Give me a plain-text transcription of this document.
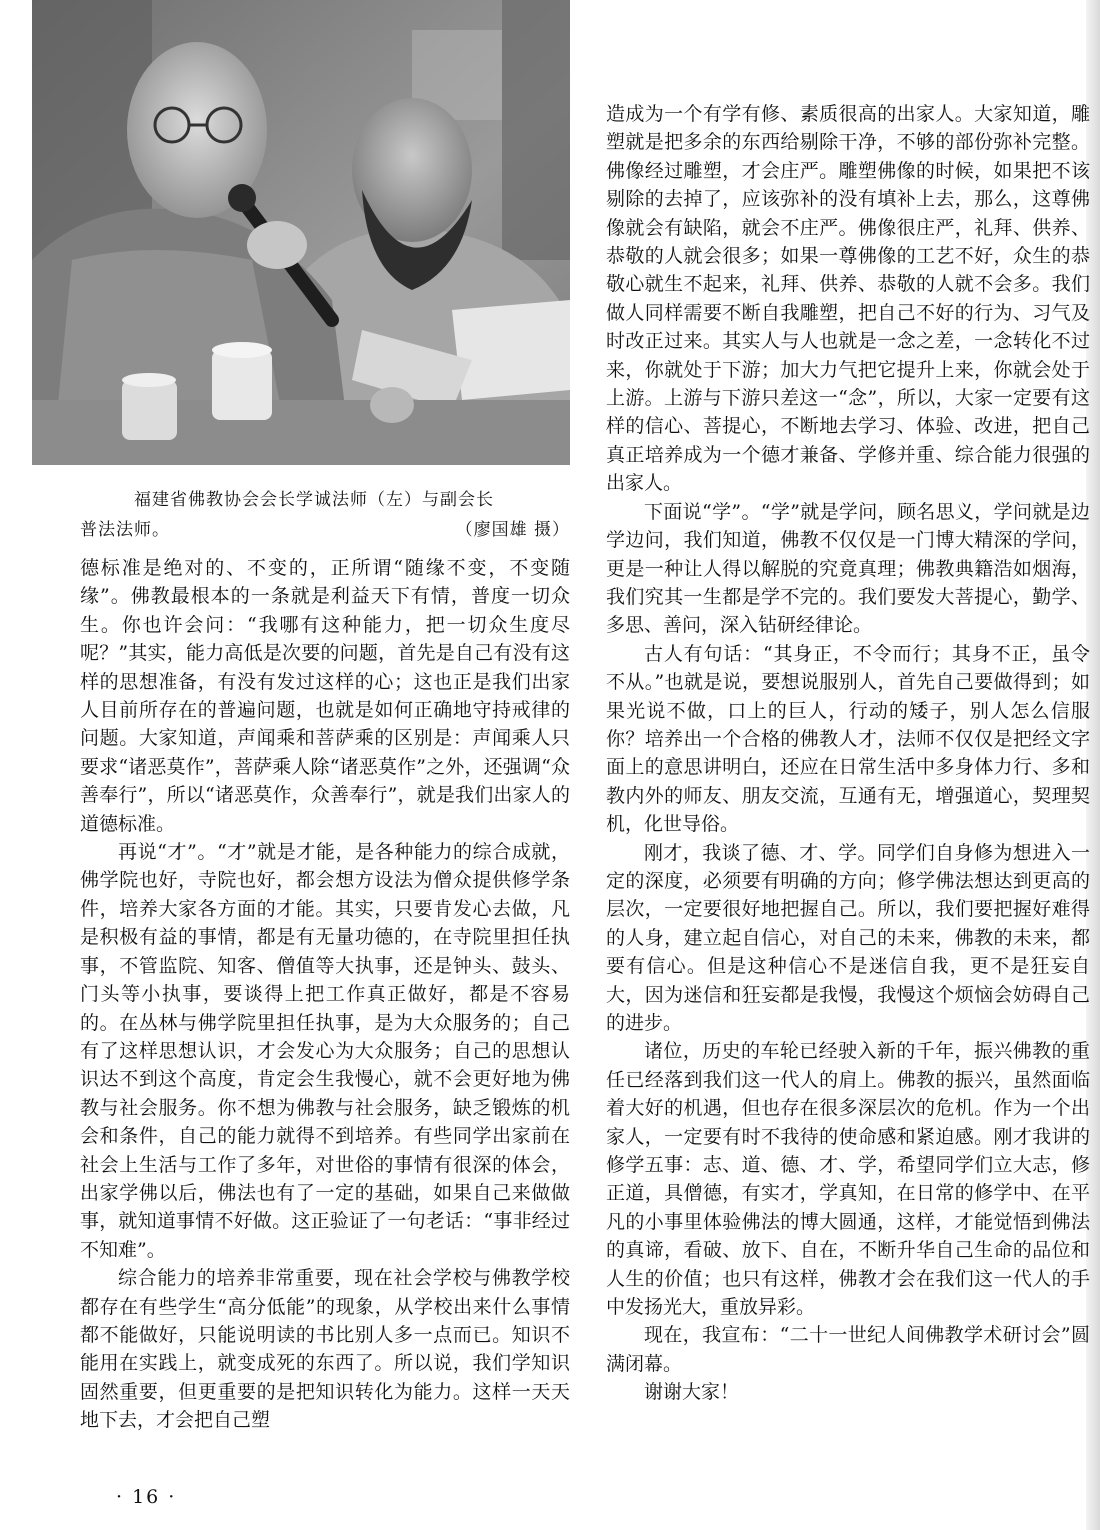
福建省佛教协会会长学诚法师（左）与副会长
普法法师。	（廖国雄 摄）

德标准是绝对的、不变的，正所谓“随缘不变，不变随缘”。佛教最根本的一条就是利益天下有情，普度一切众生。你也许会问：“我哪有这种能力，把一切众生度尽呢？”其实，能力高低是次要的问题，首先是自己有没有这样的思想准备，有没有发过这样的心；这也正是我们出家人目前所存在的普遍问题，也就是如何正确地守持戒律的问题。大家知道，声闻乘和菩萨乘的区别是：声闻乘人只要求“诸恶莫作”，菩萨乘人除“诸恶莫作”之外，还强调“众善奉行”，所以“诸恶莫作，众善奉行”，就是我们出家人的道德标准。

再说“才”。“才”就是才能，是各种能力的综合成就，佛学院也好，寺院也好，都会想方设法为僧众提供修学条件，培养大家各方面的才能。其实，只要肯发心去做，凡是积极有益的事情，都是有无量功德的，在寺院里担任执事，不管监院、知客、僧值等大执事，还是钟头、鼓头、门头等小执事，要谈得上把工作真正做好，都是不容易的。在丛林与佛学院里担任执事，是为大众服务的；自己有了这样思想认识，才会发心为大众服务；自己的思想认识达不到这个高度，肯定会生我慢心，就不会更好地为佛教与社会服务。你不想为佛教与社会服务，缺乏锻炼的机会和条件，自己的能力就得不到培养。有些同学出家前在社会上生活与工作了多年，对世俗的事情有很深的体会，出家学佛以后，佛法也有了一定的基础，如果自己来做做事，就知道事情不好做。这正验证了一句老话：“事非经过不知难”。

综合能力的培养非常重要，现在社会学校与佛教学校都存在有些学生“高分低能”的现象，从学校出来什么事情都不能做好，只能说明读的书比别人多一点而已。知识不能用在实践上，就变成死的东西了。所以说，我们学知识固然重要，但更重要的是把知识转化为能力。这样一天天地下去，才会把自己塑

造成为一个有学有修、素质很高的出家人。大家知道，雕塑就是把多余的东西给剔除干净，不够的部份弥补完整。佛像经过雕塑，才会庄严。雕塑佛像的时候，如果把不该剔除的去掉了，应该弥补的没有填补上去，那么，这尊佛像就会有缺陷，就会不庄严。佛像很庄严，礼拜、供养、恭敬的人就会很多；如果一尊佛像的工艺不好，众生的恭敬心就生不起来，礼拜、供养、恭敬的人就不会多。我们做人同样需要不断自我雕塑，把自己不好的行为、习气及时改正过来。其实人与人也就是一念之差，一念转化不过来，你就处于下游；加大力气把它提升上来，你就会处于上游。上游与下游只差这一“念”，所以，大家一定要有这样的信心、菩提心，不断地去学习、体验、改进，把自己真正培养成为一个德才兼备、学修并重、综合能力很强的出家人。

下面说“学”。“学”就是学问，顾名思义，学问就是边学边问，我们知道，佛教不仅仅是一门博大精深的学问，更是一种让人得以解脱的究竟真理；佛教典籍浩如烟海，我们究其一生都是学不完的。我们要发大菩提心，勤学、多思、善问，深入钻研经律论。

古人有句话：“其身正，不令而行；其身不正，虽令不从。”也就是说，要想说服别人，首先自己要做得到；如果光说不做，口上的巨人，行动的矮子，别人怎么信服你？培养出一个合格的佛教人才，法师不仅仅是把经文字面上的意思讲明白，还应在日常生活中多身体力行、多和教内外的师友、朋友交流，互通有无，增强道心，契理契机，化世导俗。

刚才，我谈了德、才、学。同学们自身修为想进入一定的深度，必须要有明确的方向；修学佛法想达到更高的层次，一定要很好地把握自己。所以，我们要把握好难得的人身，建立起自信心，对自己的未来，佛教的未来，都要有信心。但是这种信心不是迷信自我，更不是狂妄自大，因为迷信和狂妄都是我慢，我慢这个烦恼会妨碍自己的进步。

诸位，历史的车轮已经驶入新的千年，振兴佛教的重任已经落到我们这一代人的肩上。佛教的振兴，虽然面临着大好的机遇，但也存在很多深层次的危机。作为一个出家人，一定要有时不我待的使命感和紧迫感。刚才我讲的修学五事：志、道、德、才、学，希望同学们立大志，修正道，具僧德，有实才，学真知，在日常的修学中、在平凡的小事里体验佛法的博大圆通，这样，才能觉悟到佛法的真谛，看破、放下、自在，不断升华自己生命的品位和人生的价值；也只有这样，佛教才会在我们这一代人的手中发扬光大，重放异彩。

现在，我宣布：“二十一世纪人间佛教学术研讨会”圆满闭幕。

谢谢大家！

· 16 ·
